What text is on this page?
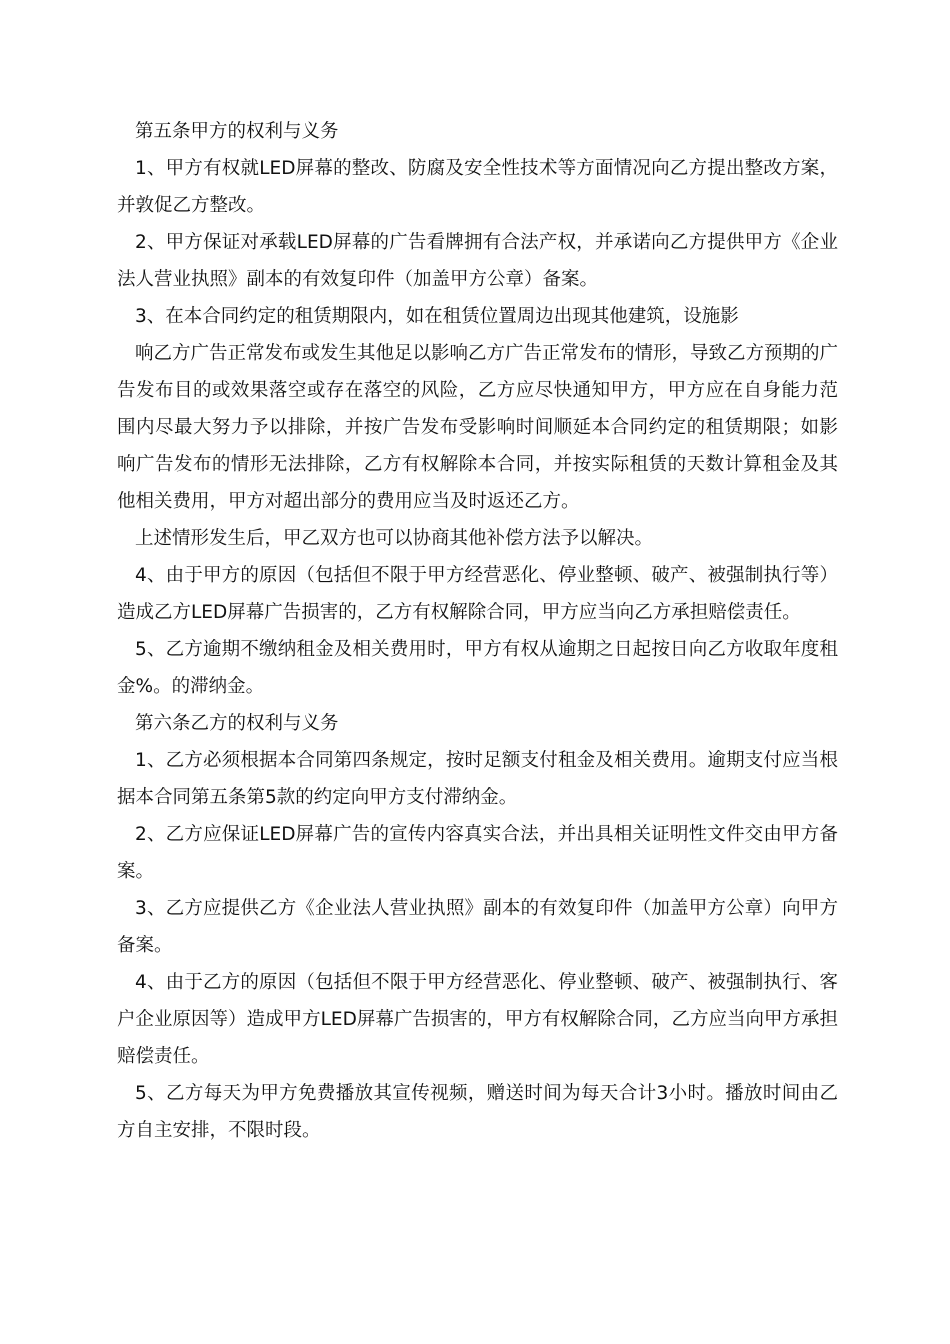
第五条甲方的权利与义务

1、甲方有权就LED屏幕的整改、防腐及安全性技术等方面情况向乙方提出整改方案，并敦促乙方整改。

2、甲方保证对承载LED屏幕的广告看牌拥有合法产权，并承诺向乙方提供甲方《企业法人营业执照》副本的有效复印件（加盖甲方公章）备案。

3、在本合同约定的租赁期限内，如在租赁位置周边出现其他建筑，设施影

响乙方广告正常发布或发生其他足以影响乙方广告正常发布的情形，导致乙方预期的广告发布目的或效果落空或存在落空的风险，乙方应尽快通知甲方，甲方应在自身能力范围内尽最大努力予以排除，并按广告发布受影响时间顺延本合同约定的租赁期限；如影响广告发布的情形无法排除，乙方有权解除本合同，并按实际租赁的天数计算租金及其他相关费用，甲方对超出部分的费用应当及时返还乙方。

上述情形发生后，甲乙双方也可以协商其他补偿方法予以解决。

4、由于甲方的原因（包括但不限于甲方经营恶化、停业整顿、破产、被强制执行等）造成乙方LED屏幕广告损害的，乙方有权解除合同，甲方应当向乙方承担赔偿责任。

5、乙方逾期不缴纳租金及相关费用时，甲方有权从逾期之日起按日向乙方收取年度租金%。的滞纳金。

第六条乙方的权利与义务

1、乙方必须根据本合同第四条规定，按时足额支付租金及相关费用。逾期支付应当根据本合同第五条第5款的约定向甲方支付滞纳金。

2、乙方应保证LED屏幕广告的宣传内容真实合法，并出具相关证明性文件交由甲方备案。

3、乙方应提供乙方《企业法人营业执照》副本的有效复印件（加盖甲方公章）向甲方备案。

4、由于乙方的原因（包括但不限于甲方经营恶化、停业整顿、破产、被强制执行、客户企业原因等）造成甲方LED屏幕广告损害的，甲方有权解除合同，乙方应当向甲方承担赔偿责任。

5、乙方每天为甲方免费播放其宣传视频，赠送时间为每天合计3小时。播放时间由乙方自主安排，不限时段。
